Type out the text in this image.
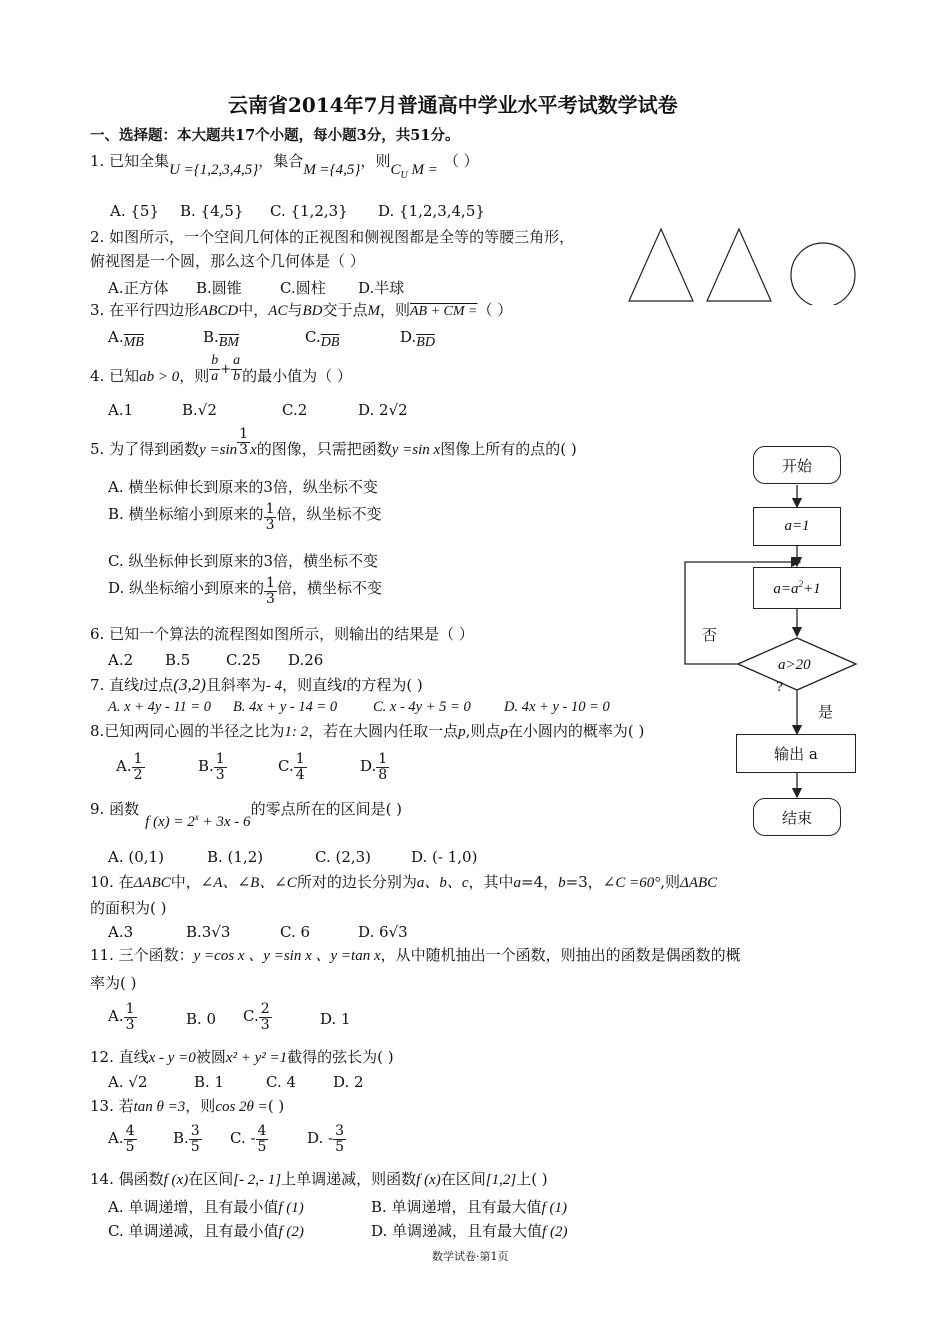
云南省2014年7月普通高中学业水平考试数学试卷
一、选择题：本大题共17个小题，每小题3分，共51分。
1. 已知全集U ={1,2,3,4,5}，集合M ={4,5}，则$C_U$ M = （ ）
A. {5} B. {4,5} C. {1,2,3} D. {1,2,3,4,5}
2. 如图所示，一个空间几何体的正视图和侧视图都是全等的等腰三角形，
俯视图是一个圆，那么这个几何体是（ ）
A.正方体 B.圆锥	C.圆柱 D.半球
3. 在平行四边形ABCD中，AC与BD交于点M，则AB + CM =（ ）
$A.\overline{MB}$	$B.\overline{BM}$	$C.\overline{DB}$	$D.\overline{BD}$
4. 已知ab > 0，则 $\frac{b}{a} + \frac{a}{b}$ 的最小值为（ ）
A.1	B.√2	C.2	D. 2√2
5. 为了得到函数$y =\sin \frac{1}{3}$ x的图像，只需把函数y =sin x图像上所有的点的( )
A. 横坐标伸长到原来的3倍，纵坐标不变
B. 横坐标缩小到原来的 $\frac{1}{3}$ 倍，纵坐标不变
C. 纵坐标伸长到原来的3倍，横坐标不变
D. 纵坐标缩小到原来的 $\frac{1}{3}$ 倍，横坐标不变
6. 已知一个算法的流程图如图所示，则输出的结果是（ ）
A.2 B.5 C.25 D.26
7. 直线l过点(3,2)且斜率为- 4，则直线l的方程为( )
A. x + 4y - 11 = 0 B. 4x + y - 14 = 0 C. x - 4y + 5 = 0 D. 4x + y - 10 = 0
8.已知两同心圆的半径之比为1: 2，若在大圆内任取一点p,则点p在小圆内的概率为( )
A. $\frac{1}{2}$	B. $\frac{1}{3}$	C. $\frac{1}{4}$	D. $\frac{1}{8}$
9. 函数f $(x) = 2^x + 3x - 6$的零点所在的区间是( )
A. (0,1)	B. (1,2)	C. (2,3)	D. (- 1,0)
10. 在ΔABC中，∠A、∠B、∠C所对的边长分别为a、b、c，其中a=4，b=3，∠C =60°,则ΔABC
的面积为( )
A.3	B.3√3	C. 6	D. 6√3
11. 三个函数：y =cos x 、y =sin x 、y =tan x，从中随机抽出一个函数，则抽出的函数是偶函数的概
率为( )
A. $\frac{1}{3}$	B. 0 C. $\frac{2}{3}$	D. 1
12. 直线x - y =0被圆x² + y² =1截得的弦长为( )
A. √2	B. 1	C. 4 D. 2
13. 若tan θ =3，则cos 2θ =( )
A. $\frac{4}{5} B$. $\frac{3}{5} C$. - $\frac{4}{5}$	D. - $\frac{3}{5}$
14. 偶函数f (x)在区间[- 2,- 1]上单调递减，则函数f (x)在区间[1,2]上( )
A. 单调递增，且有最小值f (1)	B. 单调递增，且有最大值f (1)
C. 单调递减，且有最小值f (2)	D. 单调递减，且有最大值f (2)
开始
a=1
$a=a^2+1$
a>20
?
否
是
输出 a
结束
数学试卷·第1页
